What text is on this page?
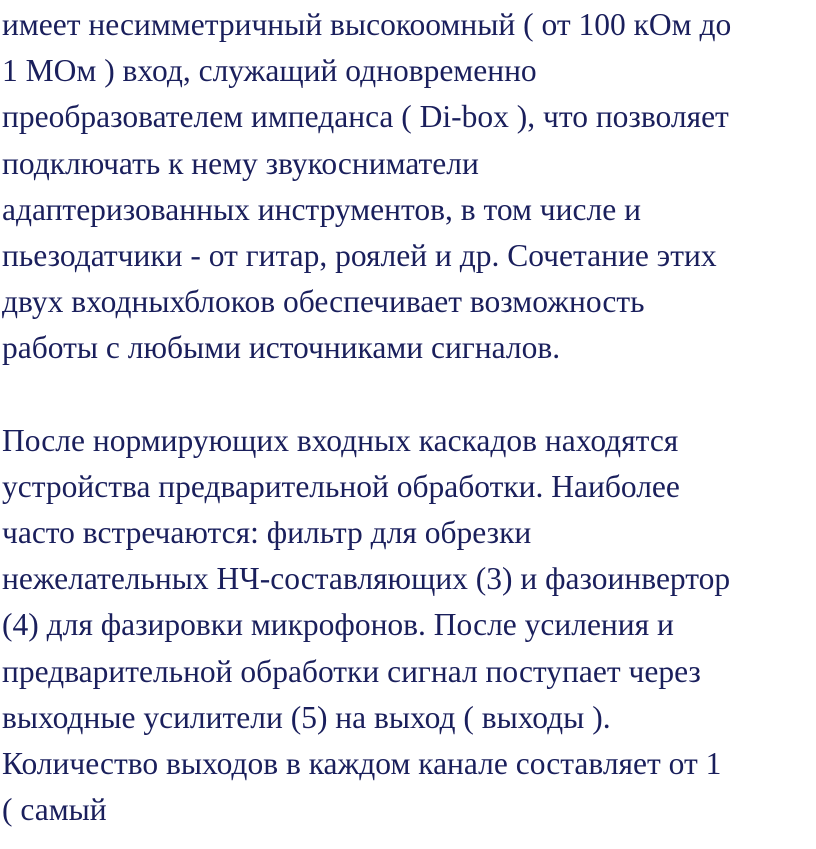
имеет несимметричный высокоомный ( от 100 кОм до
1 МОм ) вход, служащий одновременно
преобразователем импеданса ( Di-box ), что позволяет
подключать к нему звукосниматели
адаптеризованных инструментов, в том числе и
пьезодатчики - от гитар, роялей и др. Сочетание этих
двух входныхблоков обеспечивает возможность
работы с любыми источниками сигналов.
После нормирующих входных каскадов находятся
устройства предварительной обработки. Наиболее
часто встречаются: фильтр для обрезки
нежелательных НЧ-составляющих (3) и фазоинвертор
(4) для фазировки микрофонов. После усиления и
предварительной обработки сигнал поступает через
выходные усилители (5) на выход ( выходы ).
Количество выходов в каждом канале составляет от 1
( самый
